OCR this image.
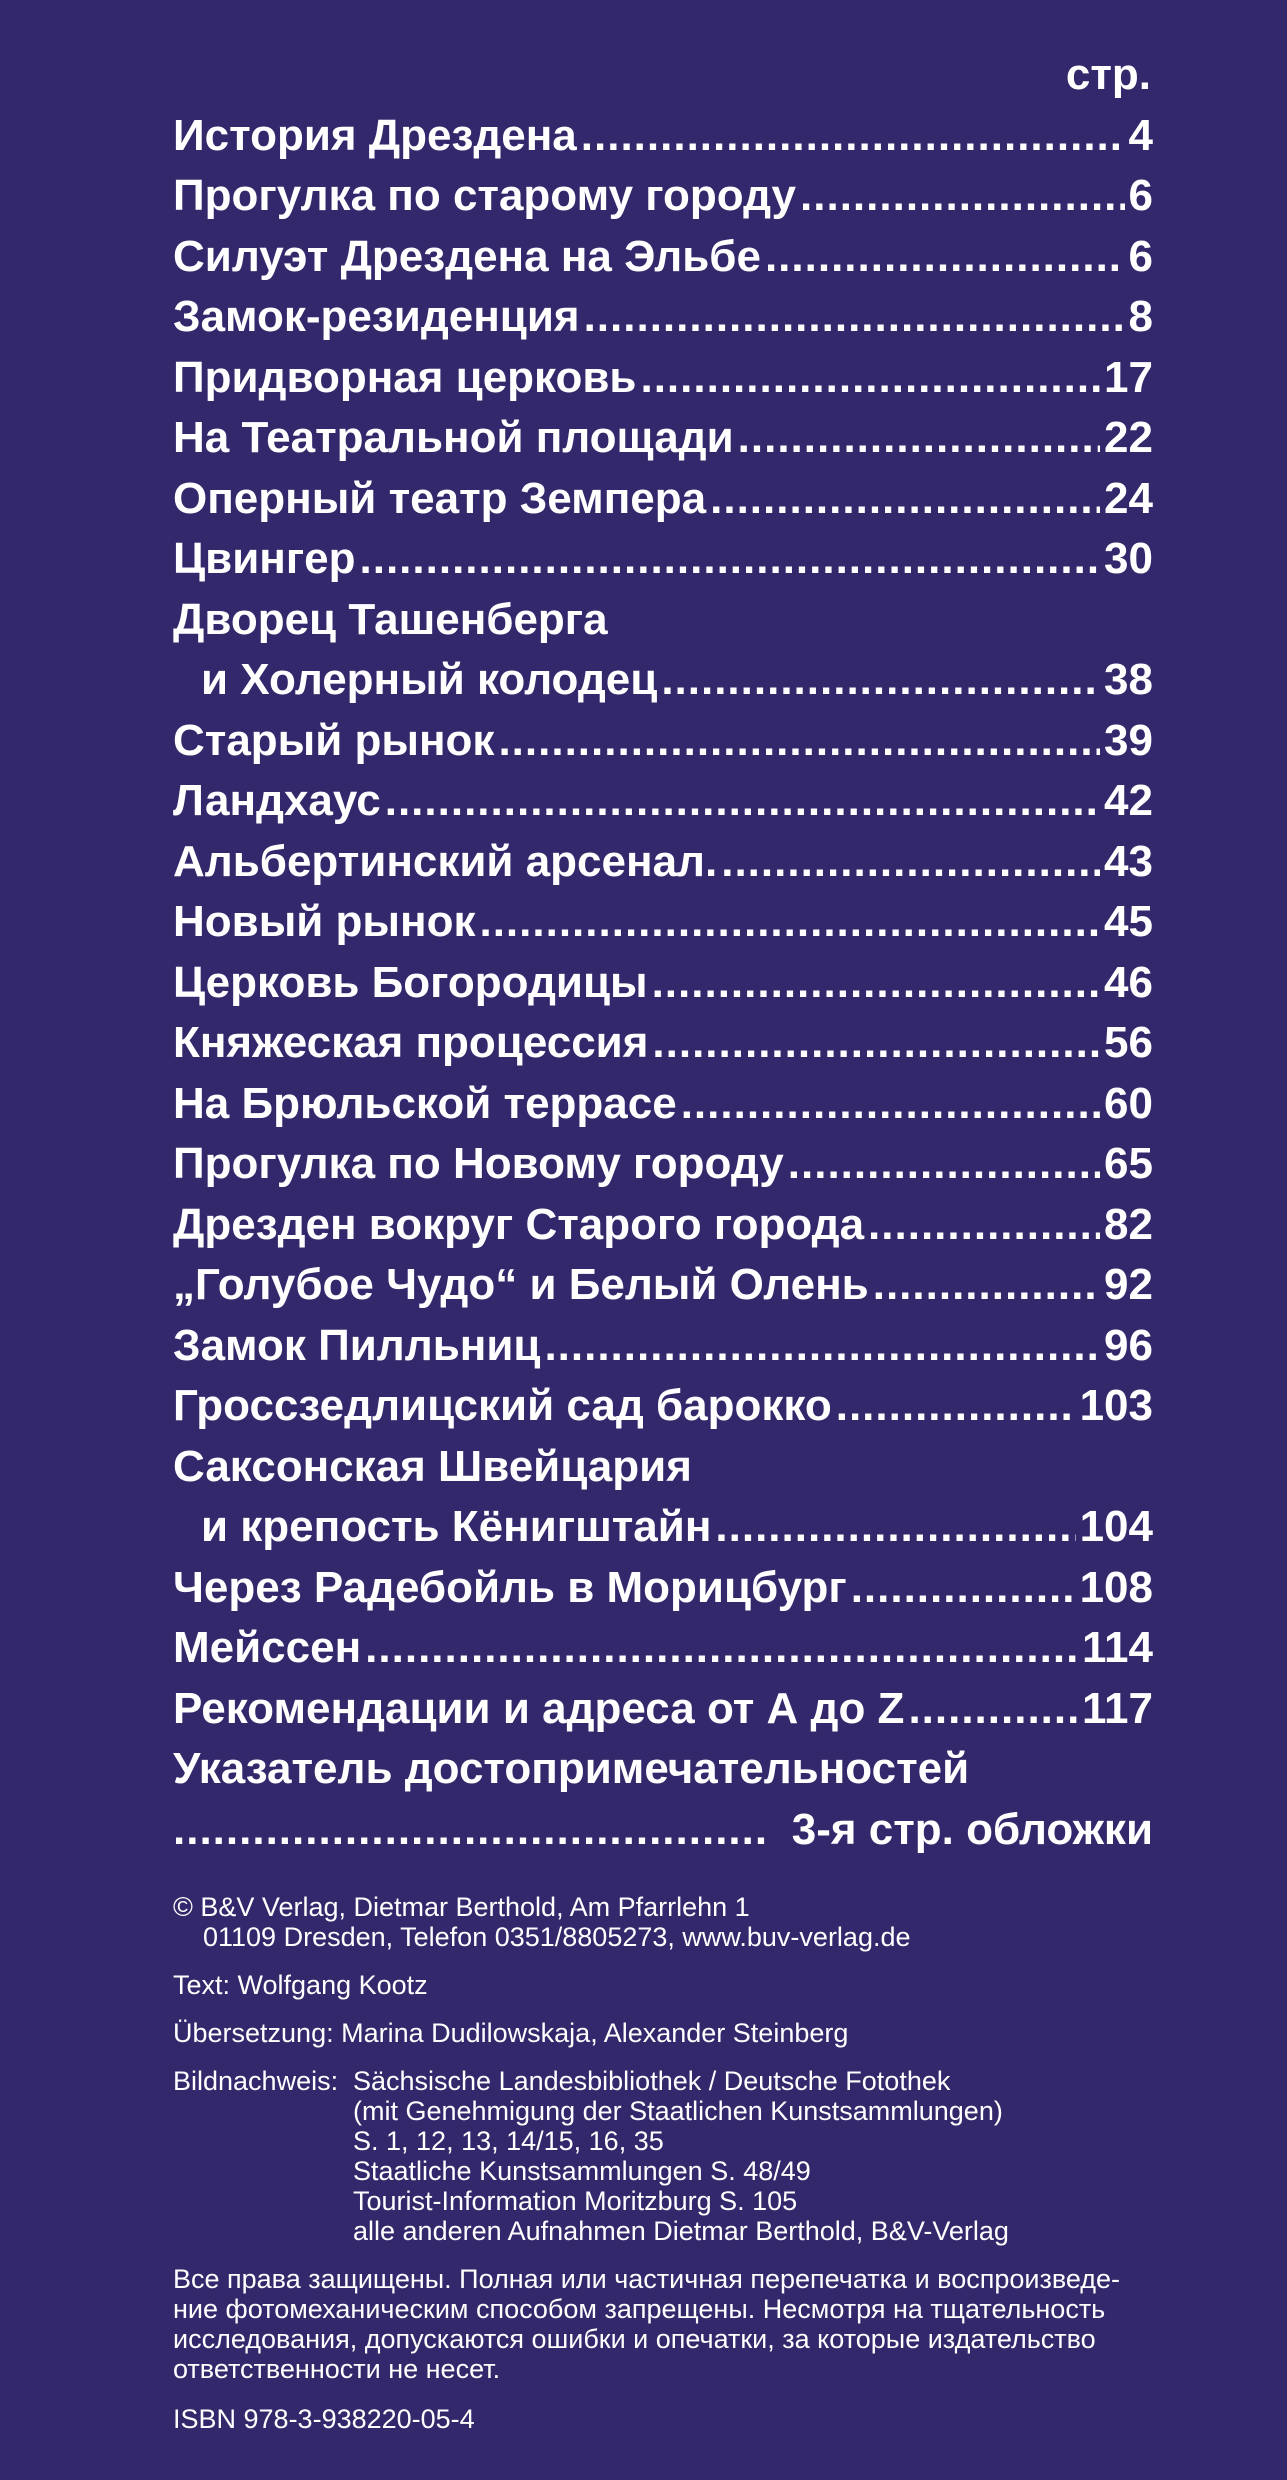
стр.
История Дрездена .....	4
Прогулка по старому городу .....	6
Силуэт Дрездена на Эльбе .....	6
Замок-резиденция .....	8
Придворная церковь .....	17
На Театральной площади .....	22
Оперный театр Земпера .....	24
Цвингер .....	30
Дворец Ташенберга
и Холерный колодец .....	38
Старый рынок .....	39
Ландхаус .....	42
Альбертинский арсенал. .....	43
Новый рынок .....	45
Церковь Богородицы .....	46
Княжеская процессия .....	56
На Брюльской террасе .....	60
Прогулка по Новому городу .....	65
Дрезден вокруг Старого города .....	82
„Голубое Чудо“ и Белый Олень .....	92
Замок Пилльниц .....	96
Гроссзедлицский сад барокко .....	103
Саксонская Швейцария
и крепость Кёнигштайн .....	104
Через Радебойль в Морицбург .....	108
Мейссен .....	114
Рекомендации и адреса от А до Z .....	117
Указатель достопримечательностей
.....
3-я стр. обложки
© B&V Verlag, Dietmar Berthold, Am Pfarrlehn 1
01109 Dresden, Telefon 0351/8805273, www.buv-verlag.de
Text: Wolfgang Kootz
Übersetzung: Marina Dudilowskaja, Alexander Steinberg
Bildnachweis: Sächsische Landesbibliothek / Deutsche Fotothek
(mit Genehmigung der Staatlichen Kunstsammlungen)
S. 1, 12, 13, 14/15, 16, 35
Staatliche Kunstsammlungen S. 48/49
Tourist-Information Moritzburg S. 105
alle anderen Aufnahmen Dietmar Berthold, B&V-Verlag
Все права защищены. Полная или частичная перепечатка и воспроизведе-
ние фотомеханическим способом запрещены. Несмотря на тщательность
исследования, допускаются ошибки и опечатки, за которые издательство
ответственности не несет.
ISBN 978-3-938220-05-4
